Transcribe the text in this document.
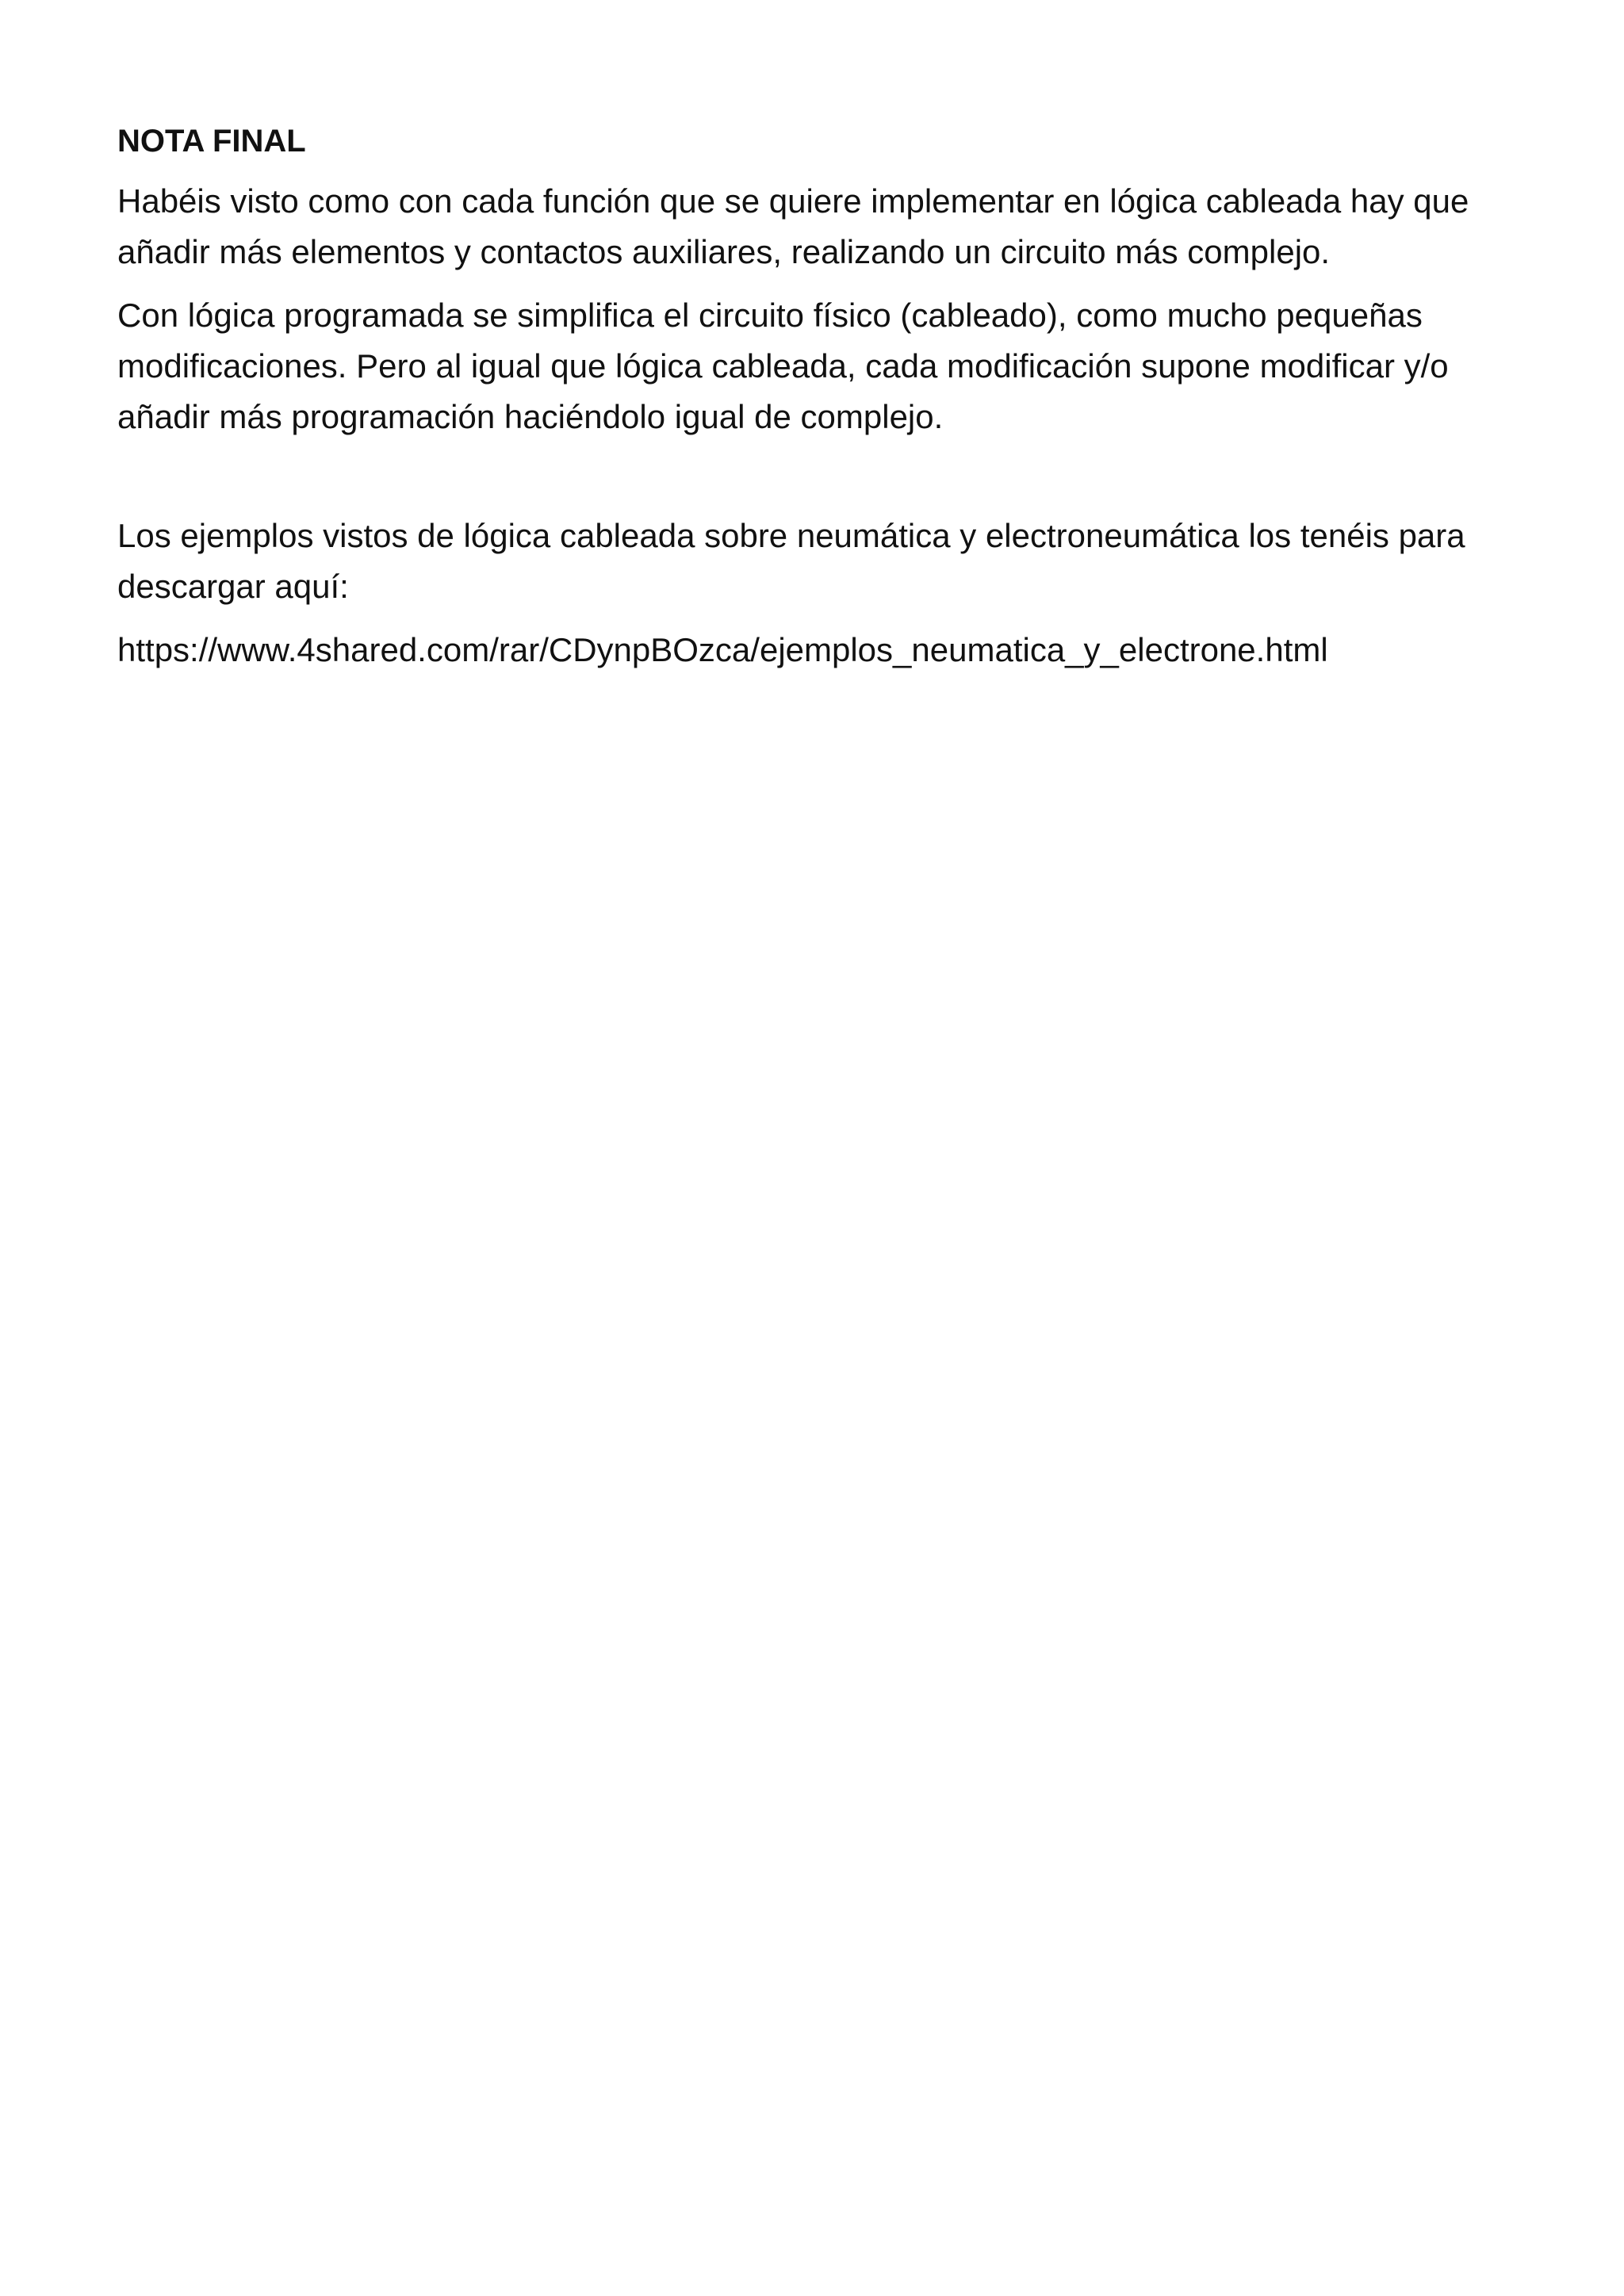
NOTA FINAL

Habéis visto como con cada función que se quiere implementar en lógica cableada hay que añadir más elementos y contactos auxiliares, realizando un circuito más complejo.

Con lógica programada se simplifica el circuito físico (cableado), como mucho pequeñas modificaciones. Pero al igual que lógica cableada, cada modificación supone modificar y/o añadir más programación haciéndolo igual de complejo.

Los ejemplos vistos de lógica cableada sobre neumática y electroneumática los tenéis para descargar aquí:

https://www.4shared.com/rar/CDynpBOzca/ejemplos_neumatica_y_electrone.html
